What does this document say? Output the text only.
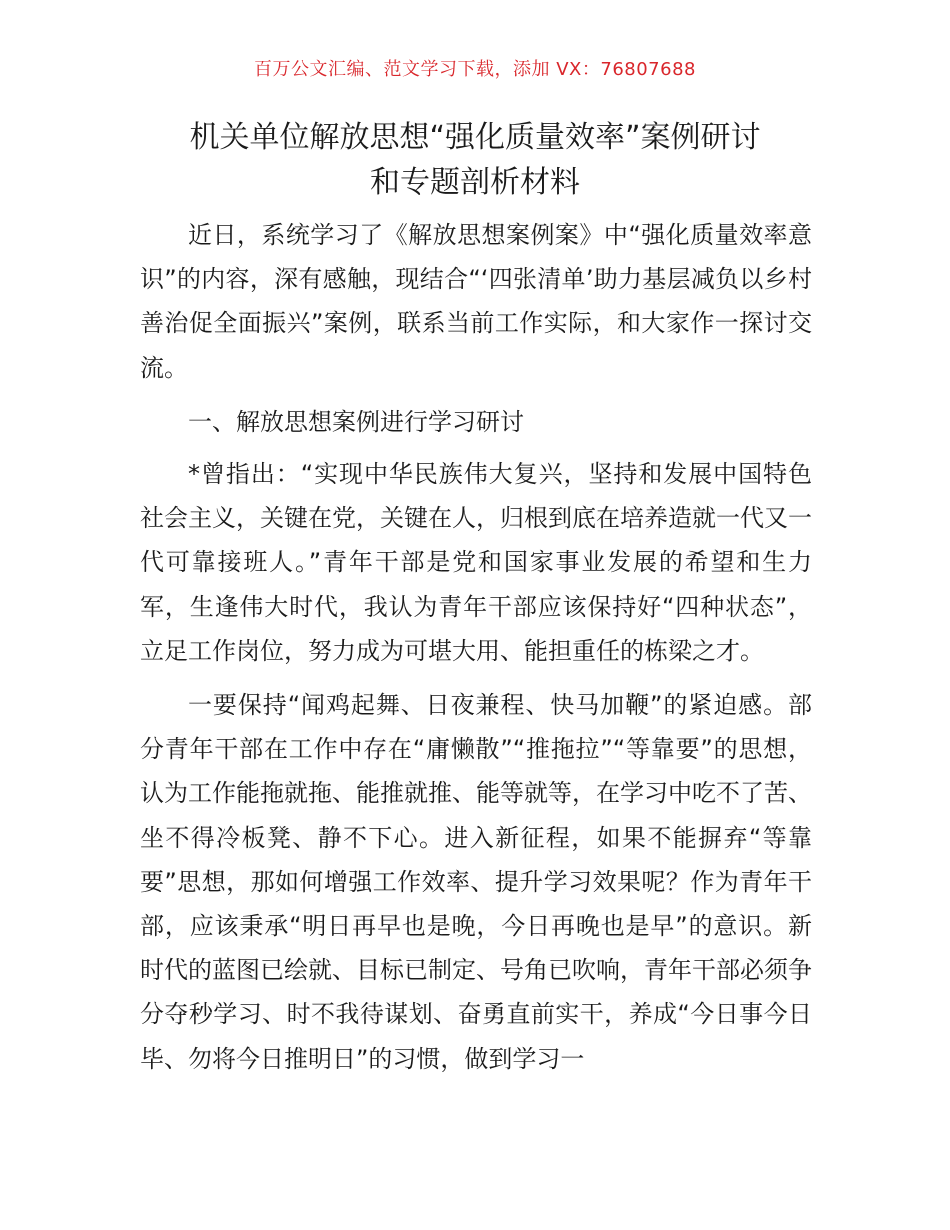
百万公文汇编、范文学习下载，添加 VX：76807688
机关单位解放思想“强化质量效率”案例研讨
和专题剖析材料

近日，系统学习了《解放思想案例案》中“强化质量效率意识”的内容，深有感触，现结合“‘四张清单’助力基层减负以乡村善治促全面振兴”案例，联系当前工作实际，和大家作一探讨交流。

一、解放思想案例进行学习研讨

*曾指出：“实现中华民族伟大复兴，坚持和发展中国特色社会主义，关键在党，关键在人，归根到底在培养造就一代又一代可靠接班人。”青年干部是党和国家事业发展的希望和生力军，生逢伟大时代，我认为青年干部应该保持好“四种状态”，立足工作岗位，努力成为可堪大用、能担重任的栋梁之才。

一要保持“闻鸡起舞、日夜兼程、快马加鞭”的紧迫感。部分青年干部在工作中存在“庸懒散”“推拖拉”“等靠要”的思想，认为工作能拖就拖、能推就推、能等就等，在学习中吃不了苦、坐不得冷板凳、静不下心。进入新征程，如果不能摒弃“等靠要”思想，那如何增强工作效率、提升学习效果呢？作为青年干部，应该秉承“明日再早也是晚，今日再晚也是早”的意识。新时代的蓝图已绘就、目标已制定、号角已吹响，青年干部必须争分夺秒学习、时不我待谋划、奋勇直前实干，养成“今日事今日毕、勿将今日推明日”的习惯，做到学习一
